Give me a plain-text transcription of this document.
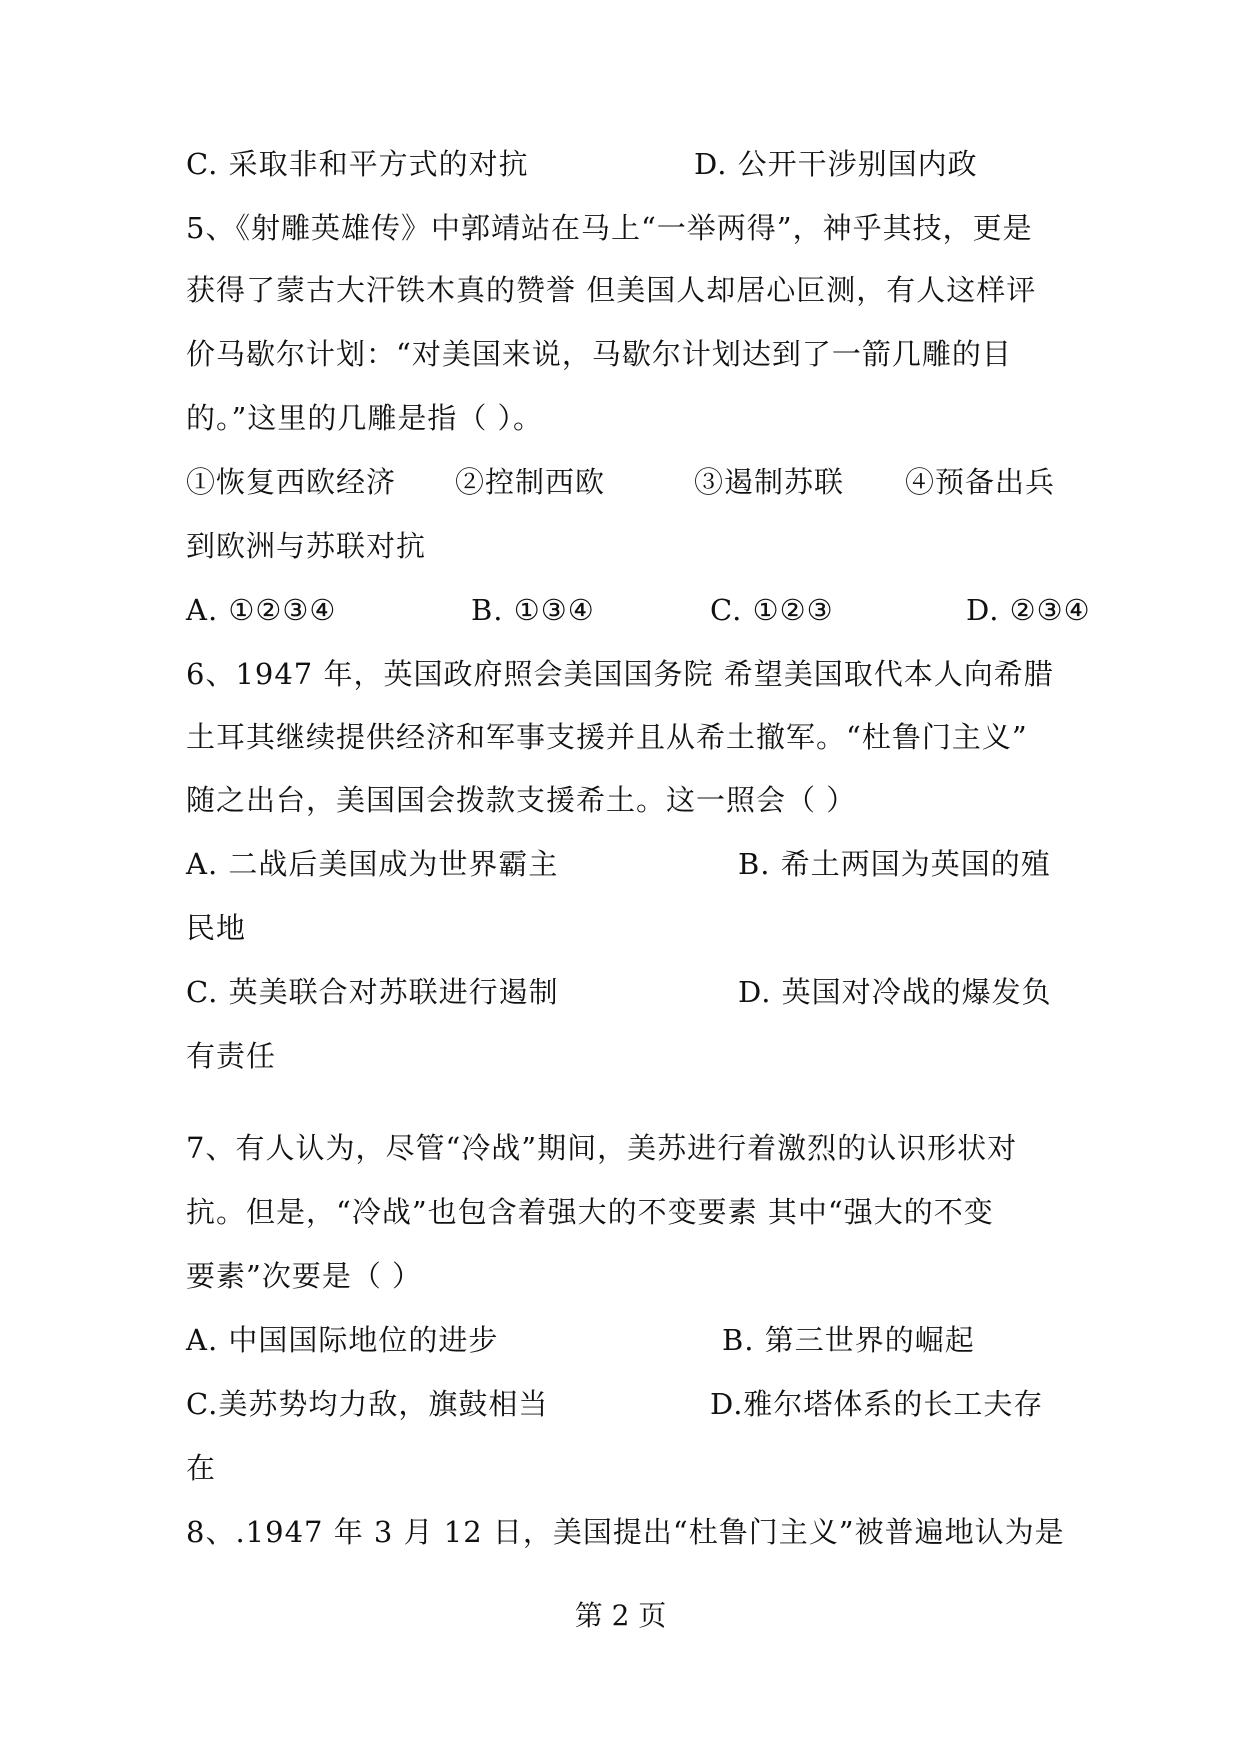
C. 采取非和平方式的对抗	D. 公开干涉别国内政
5、《射雕英雄传》中郭靖站在马上“一举两得”，神乎其技，更是
获得了蒙古大汗铁木真的赞誉 但美国人却居心叵测，有人这样评
价马歇尔计划：“对美国来说，马歇尔计划达到了一箭几雕的目
的。”这里的几雕是指（ ）。
①恢复西欧经济 ②控制西欧	③遏制苏联 ④预备出兵
到欧洲与苏联对抗
A. ①②③④	B. ①③④	C. ①②③	D. ②③④
6、1947 年，英国政府照会美国国务院 希望美国取代本人向希腊
土耳其继续提供经济和军事支援并且从希土撤军。“杜鲁门主义”
随之出台，美国国会拨款支援希土。这一照会（ ）
A. 二战后美国成为世界霸主	B. 希土两国为英国的殖
民地
C. 英美联合对苏联进行遏制	D. 英国对冷战的爆发负
有责任
7、有人认为，尽管“冷战”期间，美苏进行着激烈的认识形状对
抗。但是，“冷战”也包含着强大的不变要素 其中“强大的不变
要素”次要是（ ）
A. 中国国际地位的进步	B. 第三世界的崛起
C.美苏势均力敌，旗鼓相当	D.雅尔塔体系的长工夫存
在
8、.1947 年 3 月 12 日，美国提出“杜鲁门主义”被普遍地认为是
第 2 页
